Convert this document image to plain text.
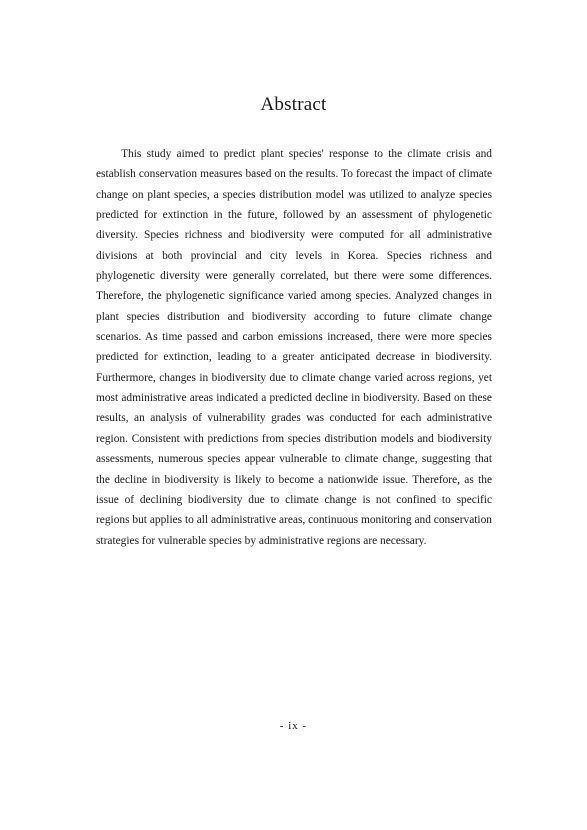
Abstract

This study aimed to predict plant species' response to the climate crisis and establish conservation measures based on the results. To forecast the impact of climate change on plant species, a species distribution model was utilized to analyze species predicted for extinction in the future, followed by an assessment of phylogenetic diversity. Species richness and biodiversity were computed for all administrative divisions at both provincial and city levels in Korea. Species richness and phylogenetic diversity were generally correlated, but there were some differences. Therefore, the phylogenetic significance varied among species. Analyzed changes in plant species distribution and biodiversity according to future climate change scenarios. As time passed and carbon emissions increased, there were more species predicted for extinction, leading to a greater anticipated decrease in biodiversity. Furthermore, changes in biodiversity due to climate change varied across regions, yet most administrative areas indicated a predicted decline in biodiversity. Based on these results, an analysis of vulnerability grades was conducted for each administrative region. Consistent with predictions from species distribution models and biodiversity assessments, numerous species appear vulnerable to climate change, suggesting that the decline in biodiversity is likely to become a nationwide issue. Therefore, as the issue of declining biodiversity due to climate change is not confined to specific regions but applies to all administrative areas, continuous monitoring and conservation strategies for vulnerable species by administrative regions are necessary.

- ix -
